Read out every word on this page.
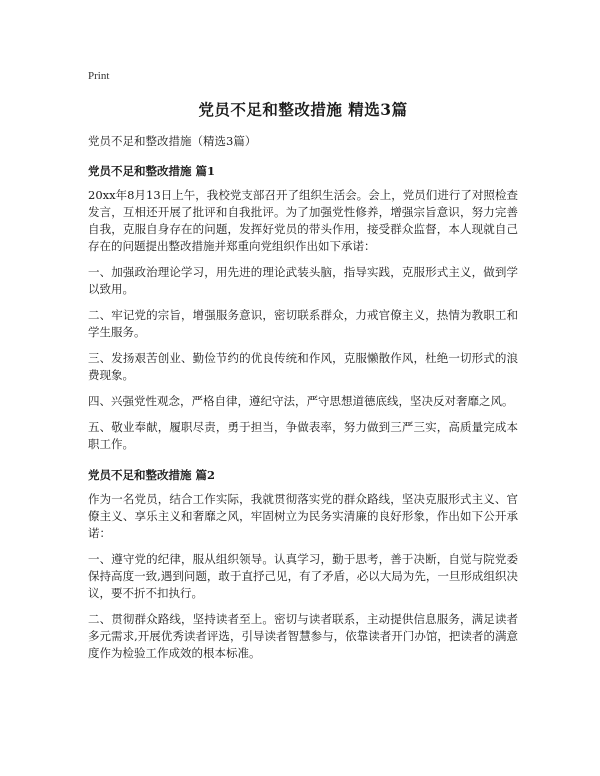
Print
党员不足和整改措施 精选3篇
党员不足和整改措施（精选3篇）
党员不足和整改措施 篇1

20xx年8月13日上午，我校党支部召开了组织生活会。会上，党员们进行了对照检查发言，互相还开展了批评和自我批评。为了加强党性修养，增强宗旨意识，努力完善自我，克服自身存在的问题，发挥好党员的带头作用，接受群众监督，本人现就自己存在的问题提出整改措施并郑重向党组织作出如下承诺：

一、加强政治理论学习，用先进的理论武装头脑，指导实践，克服形式主义，做到学以致用。

二、牢记党的宗旨，增强服务意识，密切联系群众，力戒官僚主义，热情为教职工和学生服务。

三、发扬艰苦创业、勤俭节约的优良传统和作风，克服懒散作风，杜绝一切形式的浪费现象。

四、兴强党性观念，严格自律，遵纪守法，严守思想道德底线，坚决反对奢靡之风。

五、敬业奉献，履职尽责，勇于担当，争做表率，努力做到三严三实，高质量完成本职工作。

党员不足和整改措施 篇2

作为一名党员，结合工作实际，我就贯彻落实党的群众路线，坚决克服形式主义、官僚主义、享乐主义和奢靡之风，牢固树立为民务实清廉的良好形象，作出如下公开承诺：

一、遵守党的纪律，服从组织领导。认真学习，勤于思考，善于决断，自觉与院党委保持高度一致,遇到问题，敢于直抒己见，有了矛盾，必以大局为先，一旦形成组织决议，要不折不扣执行。

二、贯彻群众路线，坚持读者至上。密切与读者联系，主动提供信息服务，满足读者多元需求,开展优秀读者评选，引导读者智慧参与，依靠读者开门办馆，把读者的满意度作为检验工作成效的根本标准。
